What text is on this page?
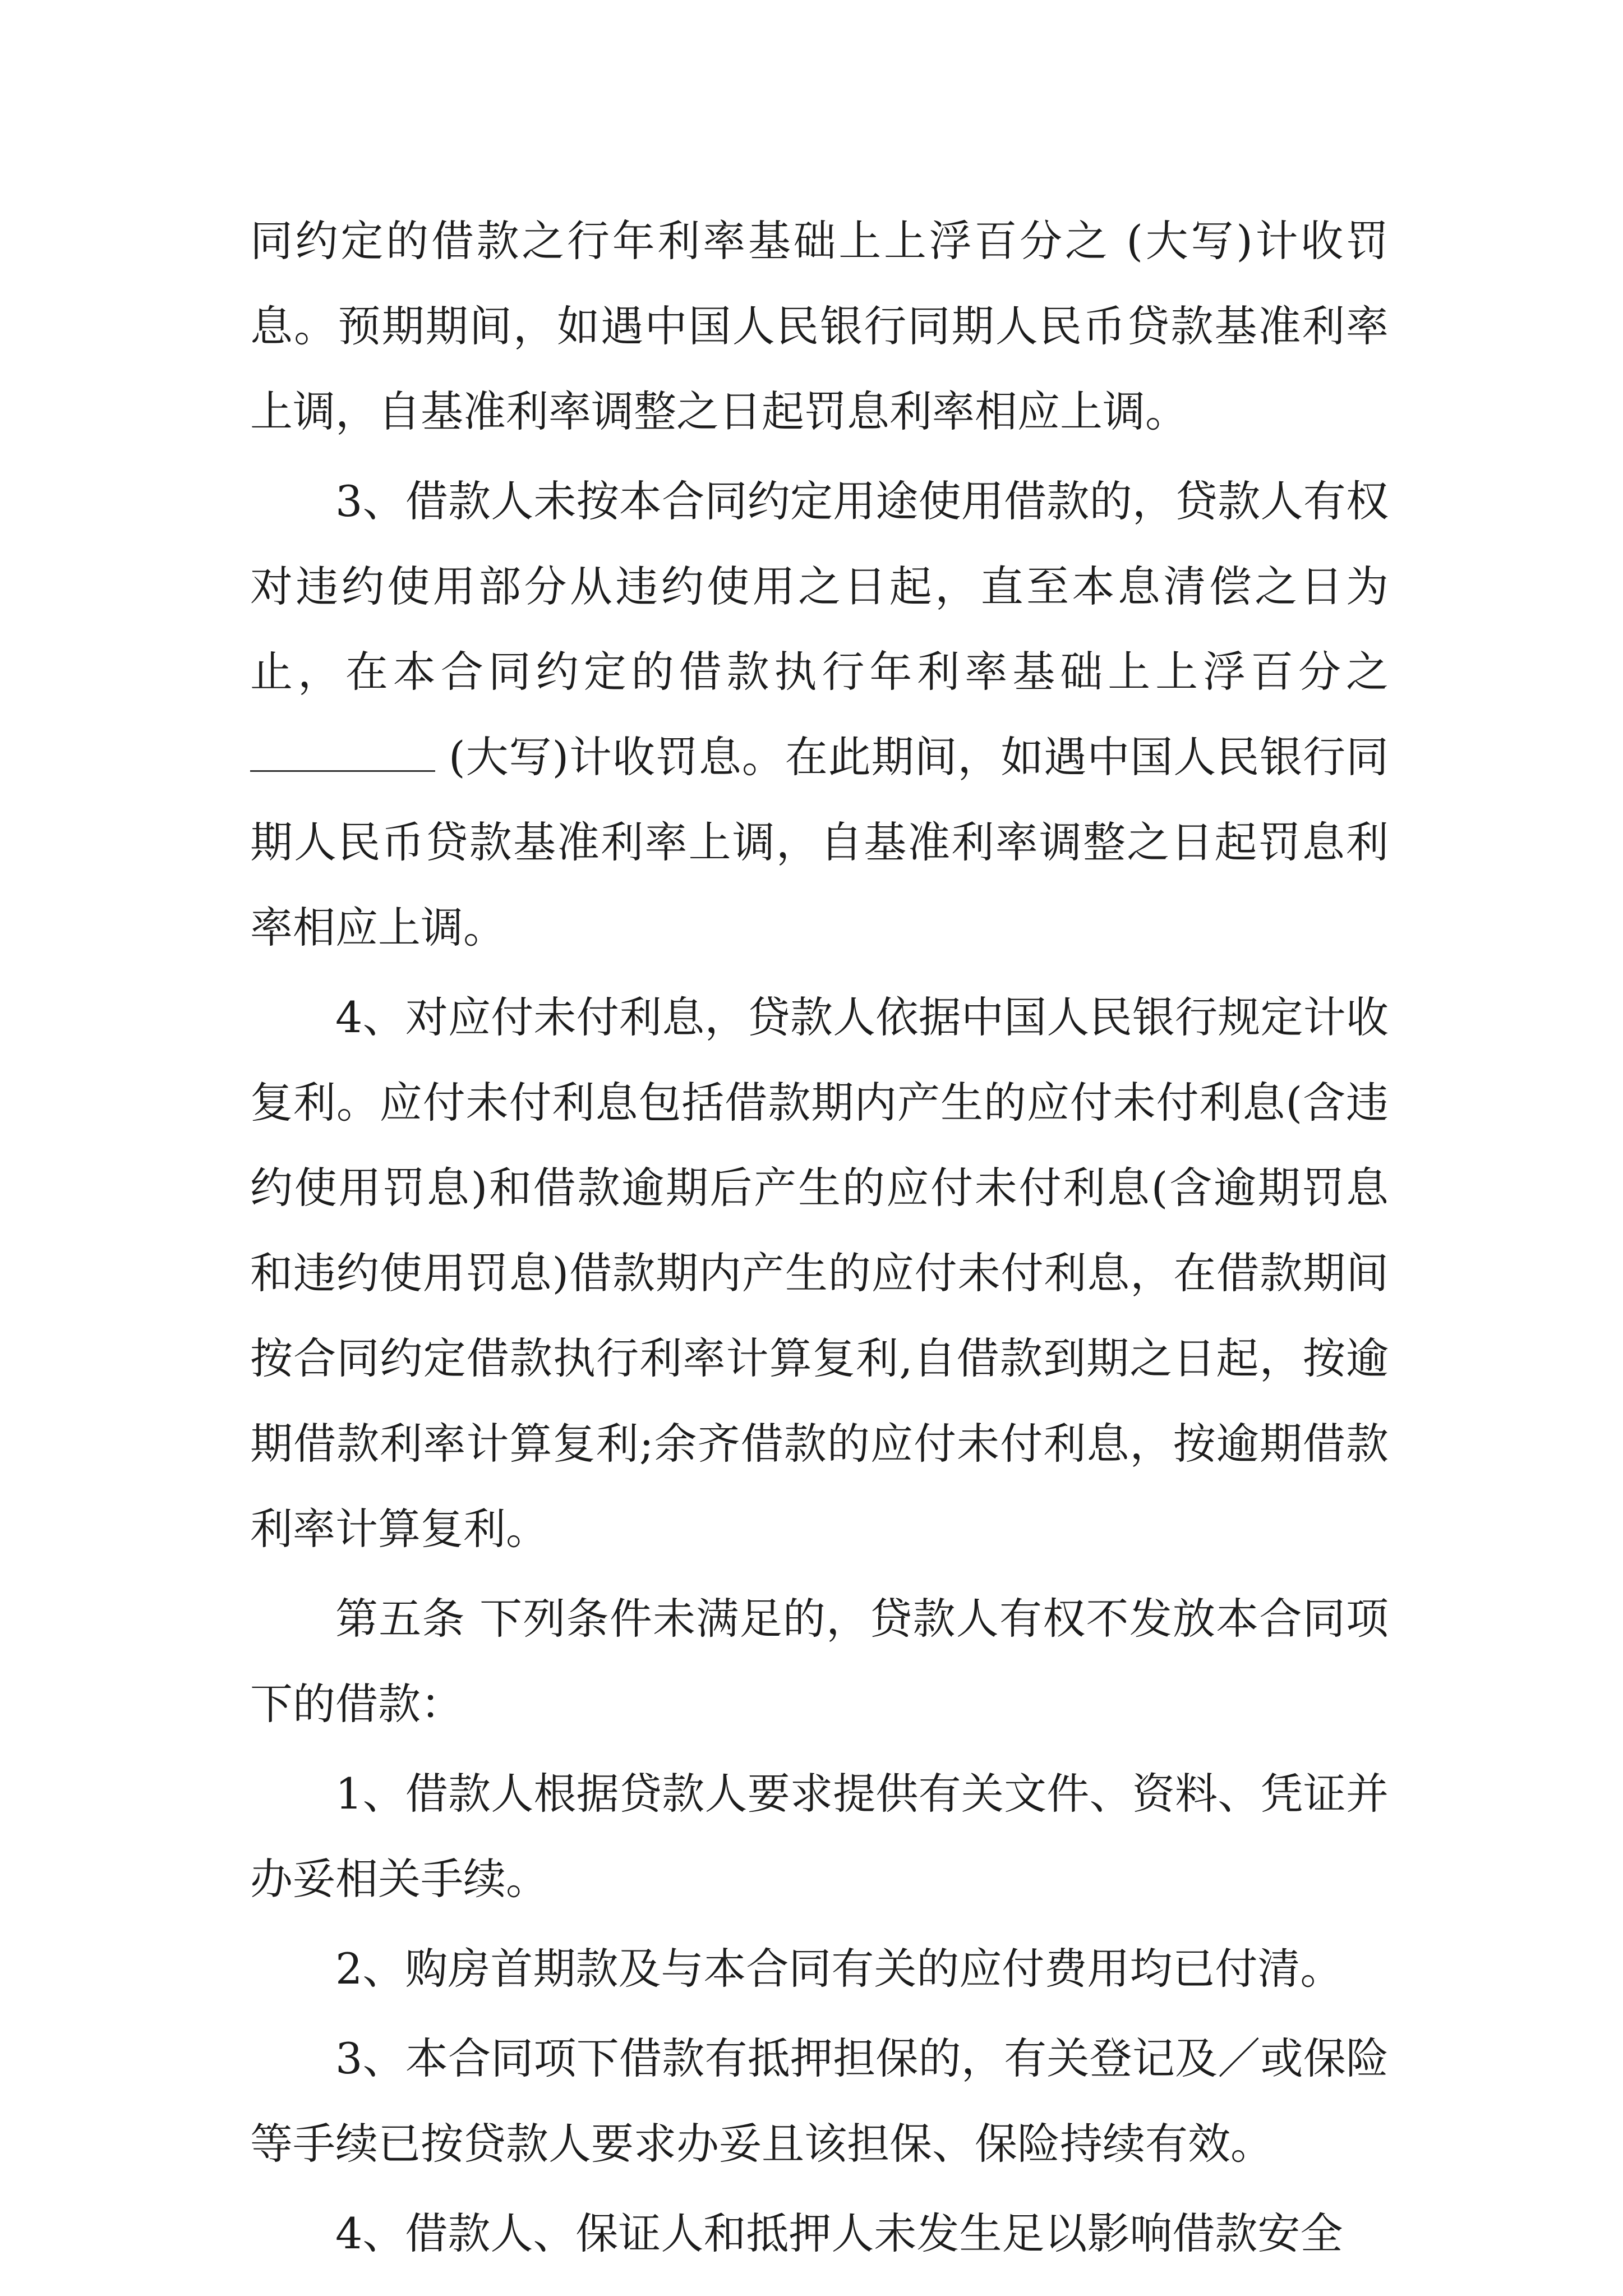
同约定的借款之行年利率基础上上浮百分之 (大写)计收罚息。预期期间，如遇中国人民银行同期人民币贷款基准利率上调，自基准利率调整之日起罚息利率相应上调。

3、借款人未按本合同约定用途使用借款的，贷款人有权对违约使用部分从违约使用之日起，直至本息清偿之日为止，在本合同约定的借款执行年利率基础上上浮百分之(大写)计收罚息。在此期间，如遇中国人民银行同期人民币贷款基准利率上调，自基准利率调整之日起罚息利率相应上调。

4、对应付未付利息，贷款人依据中国人民银行规定计收复利。应付未付利息包括借款期内产生的应付未付利息(含违约使用罚息)和借款逾期后产生的应付未付利息(含逾期罚息和违约使用罚息)借款期内产生的应付未付利息，在借款期间按合同约定借款执行利率计算复利,自借款到期之日起，按逾期借款利率计算复利;余齐借款的应付未付利息，按逾期借款利率计算复利。

第五条 下列条件未满足的，贷款人有权不发放本合同项下的借款：

1、借款人根据贷款人要求提供有关文件、资料、凭证并办妥相关手续。

2、购房首期款及与本合同有关的应付费用均已付清。

3、本合同项下借款有抵押担保的，有关登记及／或保险等手续已按贷款人要求办妥且该担保、保险持续有效。

4、借款人、保证人和抵押人未发生足以影响借款安全
